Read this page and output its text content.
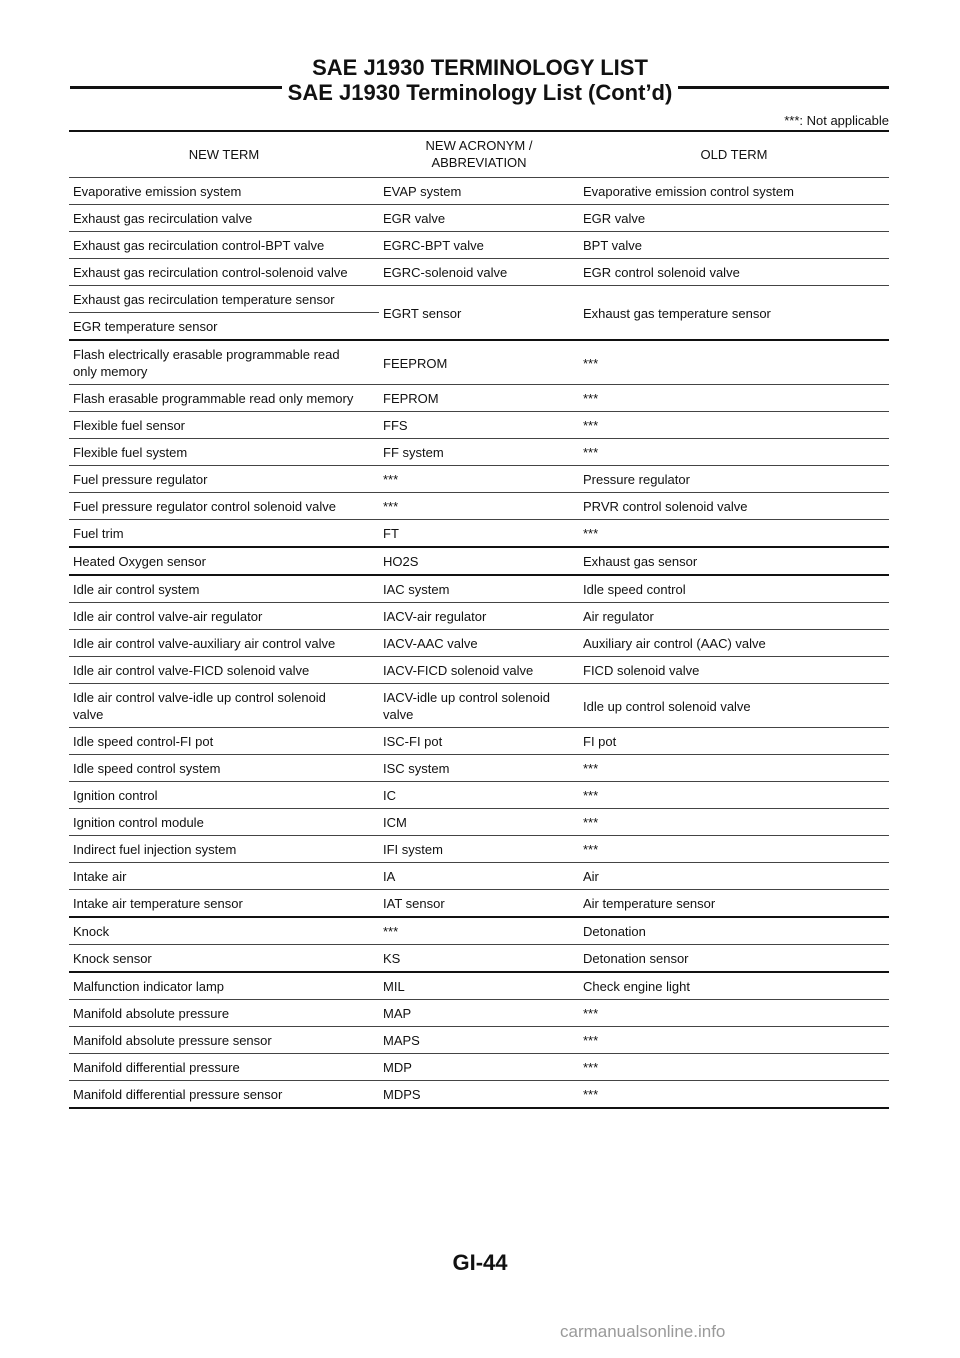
SAE J1930 TERMINOLOGY LIST
SAE J1930 Terminology List (Cont’d)
***: Not applicable
NEW TERM	NEW ACRONYM / ABBREVIATION	OLD TERM
Evaporative emission system	EVAP system	Evaporative emission control system
Exhaust gas recirculation valve	EGR valve	EGR valve
Exhaust gas recirculation control-BPT valve	EGRC-BPT valve	BPT valve
Exhaust gas recirculation control-solenoid valve	EGRC-solenoid valve	EGR control solenoid valve
Exhaust gas recirculation temperature sensor	EGRT sensor	Exhaust gas temperature sensor
EGR temperature sensor		
Flash electrically erasable programmable read only memory	FEEPROM	***
Flash erasable programmable read only memory	FEPROM	***
Flexible fuel sensor	FFS	***
Flexible fuel system	FF system	***
Fuel pressure regulator	***	Pressure regulator
Fuel pressure regulator control solenoid valve	***	PRVR control solenoid valve
Fuel trim	FT	***
Heated Oxygen sensor	HO2S	Exhaust gas sensor
Idle air control system	IAC system	Idle speed control
Idle air control valve-air regulator	IACV-air regulator	Air regulator
Idle air control valve-auxiliary air control valve	IACV-AAC valve	Auxiliary air control (AAC) valve
Idle air control valve-FICD solenoid valve	IACV-FICD solenoid valve	FICD solenoid valve
Idle air control valve-idle up control solenoid valve	IACV-idle up control solenoid valve	Idle up control solenoid valve
Idle speed control-FI pot	ISC-FI pot	FI pot
Idle speed control system	ISC system	***
Ignition control	IC	***
Ignition control module	ICM	***
Indirect fuel injection system	IFI system	***
Intake air	IA	Air
Intake air temperature sensor	IAT sensor	Air temperature sensor
Knock	***	Detonation
Knock sensor	KS	Detonation sensor
Malfunction indicator lamp	MIL	Check engine light
Manifold absolute pressure	MAP	***
Manifold absolute pressure sensor	MAPS	***
Manifold differential pressure	MDP	***
Manifold differential pressure sensor	MDPS	***
GI-44
carmanualsonline.info
